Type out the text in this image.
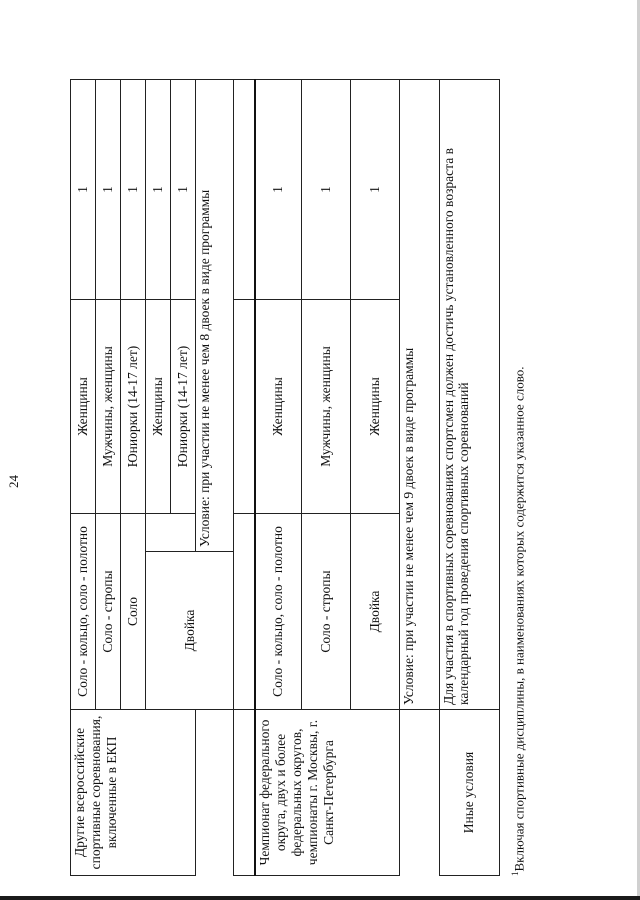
24
Другие всероссийские спортивные соревнования, включенные в ЕКП	Соло - кольцо, соло - полотно		Женщины	1
	Соло - стропы		Мужчины, женщины	1
	Соло		Юниорки (14-17 лет)	1
	Двойка		Женщины	1
			Юниорки (14-17 лет)	1
		Условие: при участии не менее чем 8 двоек в виде программы		

Чемпионат федерального округа, двух и более федеральных округов, чемпионаты г. Москвы, г. Санкт-Петербурга	Соло - кольцо, соло - полотно		Женщины	1
	Соло - стропы		Мужчины, женщины	1
	Двойка		Женщины	1
	Условие: при участии не менее чем 9 двоек в виде программы			
Иные условия	Для участия в спортивных соревнованиях спортсмен должен достичь установленного возраста в календарный год проведения спортивных соревнований			
$^1$Включая спортивные дисциплины, в наименованиях которых содержится указанное слово.
